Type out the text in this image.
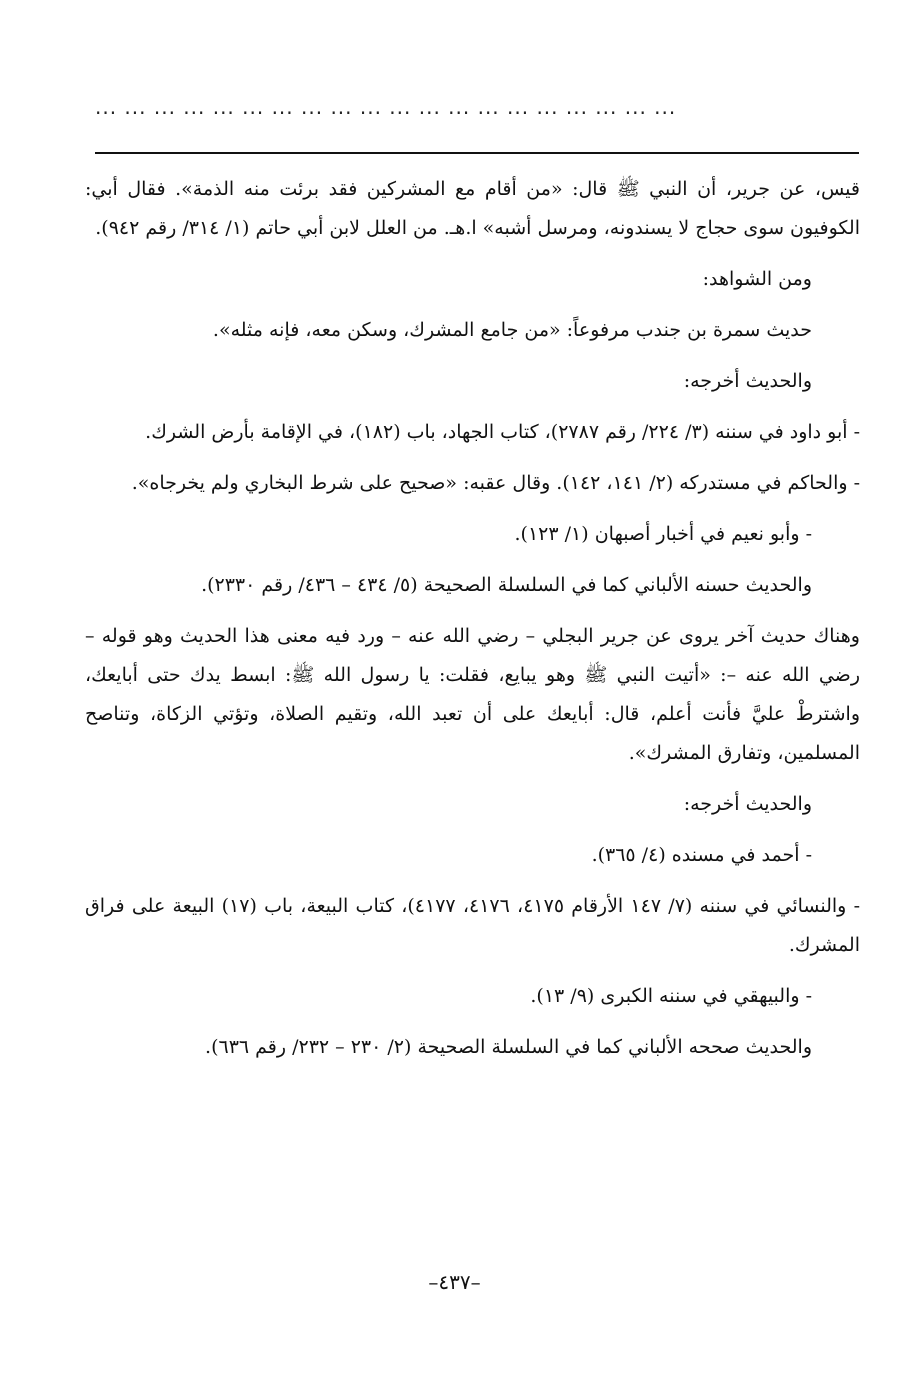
... ... ... ... ... ... ... ... ... ... ... ... ... ... ... ... ... ... ... ...

قيس، عن جرير، أن النبي ﷺ قال: «من أقام مع المشركين فقد برئت منه الذمة». فقال أبي: الكوفيون سوى حجاج لا يسندونه، ومرسل أشبه» ا.هـ. من العلل لابن أبي حاتم (١/ ٣١٤/ رقم ٩٤٢).

ومن الشواهد:

حديث سمرة بن جندب مرفوعاً: «من جامع المشرك، وسكن معه، فإنه مثله».

والحديث أخرجه:

- أبو داود في سننه (٣/ ٢٢٤/ رقم ٢٧٨٧)، كتاب الجهاد، باب (١٨٢)، في الإقامة بأرض الشرك.

- والحاكم في مستدركه (٢/ ١٤١، ١٤٢). وقال عقبه: «صحيح على شرط البخاري ولم يخرجاه».

- وأبو نعيم في أخبار أصبهان (١/ ١٢٣).

والحديث حسنه الألباني كما في السلسلة الصحيحة (٥/ ٤٣٤ – ٤٣٦/ رقم ٢٣٣٠).

وهناك حديث آخر يروى عن جرير البجلي – رضي الله عنه – ورد فيه معنى هذا الحديث وهو قوله – رضي الله عنه –: «أتيت النبي ﷺ وهو يبايع، فقلت: يا رسول الله ﷺ: ابسط يدك حتى أبايعك، واشترطْ عليَّ فأنت أعلم، قال: أبايعك على أن تعبد الله، وتقيم الصلاة، وتؤتي الزكاة، وتناصح المسلمين، وتفارق المشرك».

والحديث أخرجه:

- أحمد في مسنده (٤/ ٣٦٥).

- والنسائي في سننه (٧/ ١٤٧ الأرقام ٤١٧٥، ٤١٧٦، ٤١٧٧)، كتاب البيعة، باب (١٧) البيعة على فراق المشرك.

- والبيهقي في سننه الكبرى (٩/ ١٣).

والحديث صححه الألباني كما في السلسلة الصحيحة (٢/ ٢٣٠ – ٢٣٢/ رقم ٦٣٦).

–٤٣٧–
